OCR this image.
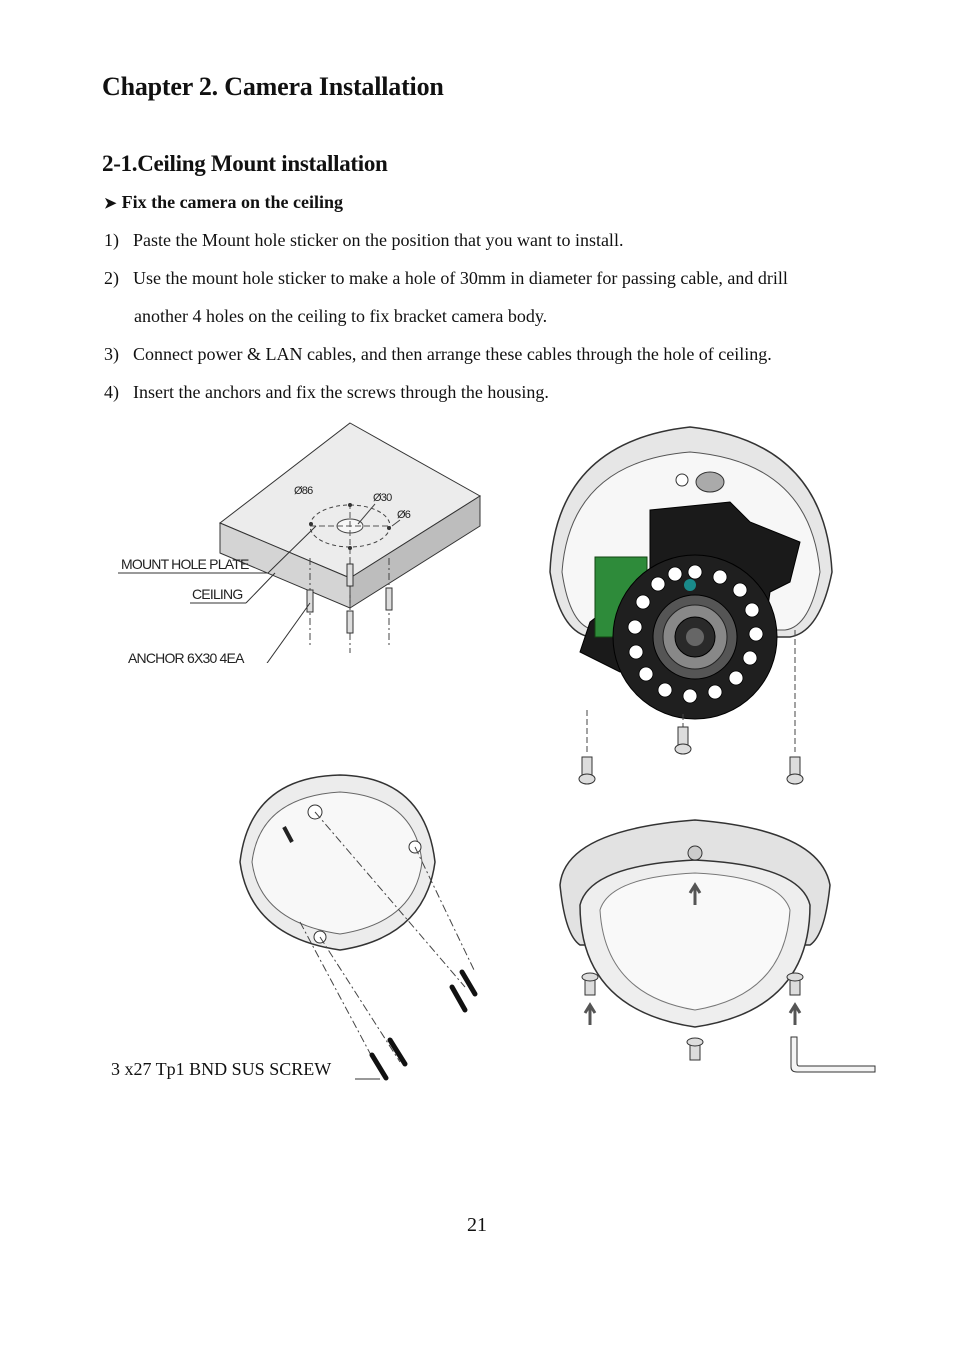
Chapter 2. Camera Installation
2-1.Ceiling Mount installation
➤ Fix the camera on the ceiling
1) Paste the Mount hole sticker on the position that you want to install.
2) Use the mount hole sticker to make a hole of 30mm in diameter for passing cable, and drill
another 4 holes on the ceiling to fix bracket camera body.
3) Connect power & LAN cables, and then arrange these cables through the hole of ceiling.
4) Insert the anchors and fix the screws through the housing.
Ø86
Ø30
Ø6
MOUNT HOLE PLATE
CEILING
ANCHOR 6X30 4EA
3 x27 Tp1 BND SUS SCREW
21
